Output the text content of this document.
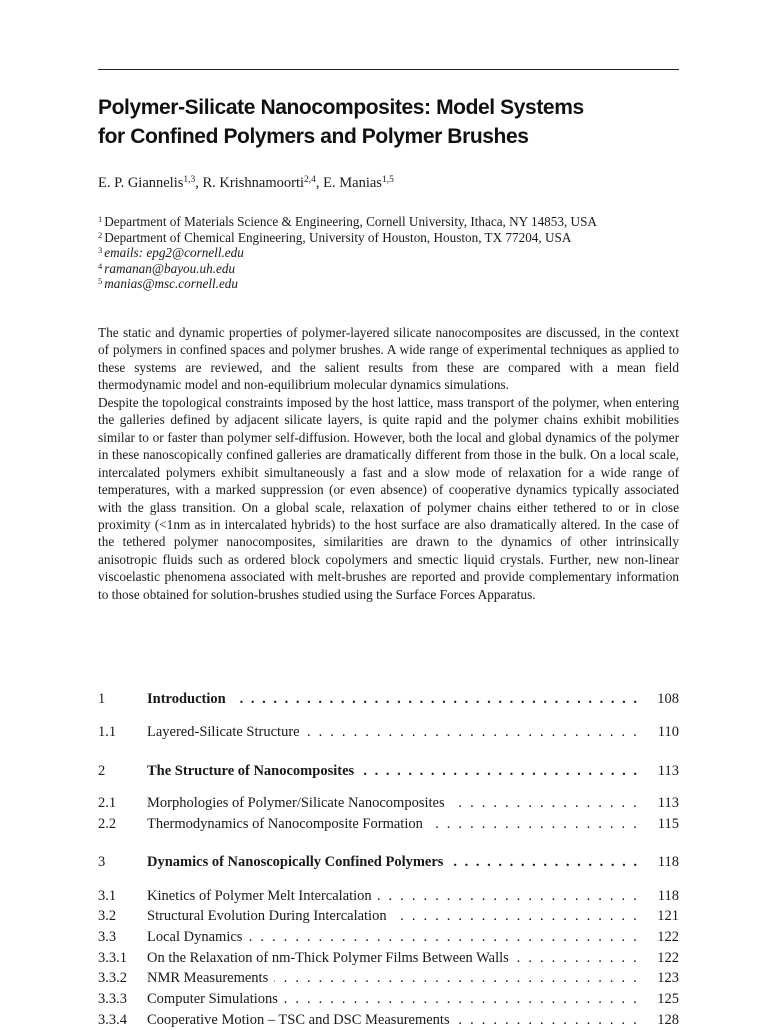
Polymer-Silicate Nanocomposites: Model Systems
for Confined Polymers and Polymer Brushes
E. P. Giannelis$^{1,3}$, R. Krishnamoorti$^{2,4}$, E. Manias$^{1,5}$
$^1$ Department of Materials Science & Engineering, Cornell University, Ithaca, NY 14853, USA
$^2$ Department of Chemical Engineering, University of Houston, Houston, TX 77204, USA
$^3$ emails: epg2@cornell.edu
$^4$ ramanan@bayou.uh.edu
$^5$ manias@msc.cornell.edu

The static and dynamic properties of polymer-layered silicate nanocomposites are discussed, in the context of polymers in confined spaces and polymer brushes. A wide range of experimental techniques as applied to these systems are reviewed, and the salient results from these are compared with a mean field thermodynamic model and non-equilibrium molecular dynamics simulations.

Despite the topological constraints imposed by the host lattice, mass transport of the polymer, when entering the galleries defined by adjacent silicate layers, is quite rapid and the polymer chains exhibit mobilities similar to or faster than polymer self-diffusion. However, both the local and global dynamics of the polymer in these nanoscopically confined galleries are dramatically different from those in the bulk. On a local scale, intercalated polymers exhibit simultaneously a fast and a slow mode of relaxation for a wide range of temperatures, with a marked suppression (or even absence) of cooperative dynamics typically associated with the glass transition. On a global scale, relaxation of polymer chains either tethered to or in close proximity (<1nm as in intercalated hybrids) to the host surface are also dramatically altered. In the case of the tethered polymer nanocomposites, similarities are drawn to the dynamics of other intrinsically anisotropic fluids such as ordered block copolymers and smectic liquid crystals. Further, new non-linear viscoelastic phenomena associated with melt-brushes are reported and provide complementary information to those obtained for solution-brushes studied using the Surface Forces Apparatus.

1	Introduction . . .	108
1.1 Layered-Silicate Structure . . .	110
2	The Structure of Nanocomposites . . .	113
2.1 Morphologies of Polymer/Silicate Nanocomposites . . .	113
2.2 Thermodynamics of Nanocomposite Formation . . .	115
3	Dynamics of Nanoscopically Confined Polymers . . .	118
3.1 Kinetics of Polymer Melt Intercalation . . .	118
3.2 Structural Evolution During Intercalation . . .	121
3.3 Local Dynamics . . .	122
3.3.1 On the Relaxation of nm-Thick Polymer Films Between Walls . . .	122
3.3.2 NMR Measurements . . .	123
3.3.3 Computer Simulations . . .	125
3.3.4 Cooperative Motion – TSC and DSC Measurements . . .	128
